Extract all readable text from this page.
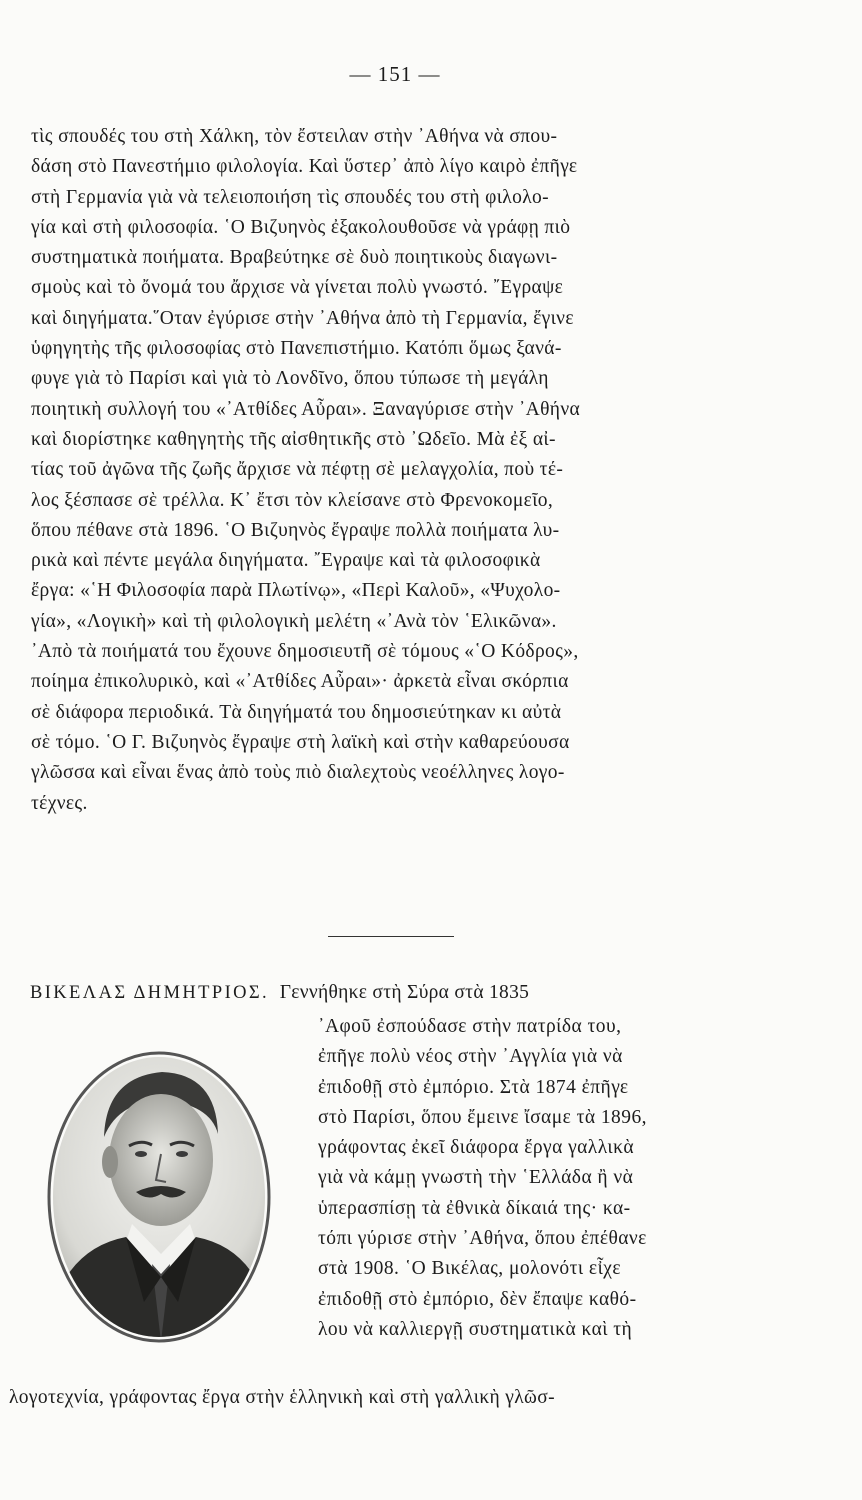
— 151 —
τὶς σπουδές του στὴ Χάλκη, τὸν ἔστειλαν στὴν ᾿Αθήνα νὰ σπου-
δάση στὸ Πανεστήμιο φιλολογία. Καὶ ὕστερ᾿ ἀπὸ λίγο καιρὸ ἐπῆγε
στὴ Γερμανία γιὰ νὰ τελειοποιήση τὶς σπουδές του στὴ φιλολο-
γία καὶ στὴ φιλοσοφία. ῾Ο Βιζυηνὸς ἐξακολουθοῦσε νὰ γράφῃ πιὸ
συστηματικὰ ποιήματα. Βραβεύτηκε σὲ δυὸ ποιητικοὺς διαγωνι-
σμοὺς καὶ τὸ ὄνομά του ἄρχισε νὰ γίνεται πολὺ γνωστό. ῎Εγραψε
καὶ διηγήματα.῞Οταν ἐγύρισε στὴν ᾿Αθήνα ἀπὸ τὴ Γερμανία, ἔγινε
ὑφηγητὴς τῆς φιλοσοφίας στὸ Πανεπιστήμιο. Κατόπι ὅμως ξανά-
φυγε γιὰ τὸ Παρίσι καὶ γιὰ τὸ Λονδῖνο, ὅπου τύπωσε τὴ μεγάλη
ποιητικὴ συλλογή του «᾿Ατθίδες Αὖραι». Ξαναγύρισε στὴν ᾿Αθήνα
καὶ διορίστηκε καθηγητὴς τῆς αἰσθητικῆς στὸ ᾿Ωδεῖο. Μὰ ἐξ αἰ-
τίας τοῦ ἀγῶνα τῆς ζωῆς ἄρχισε νὰ πέφτῃ σὲ μελαγχολία, ποὺ τέ-
λος ξέσπασε σὲ τρέλλα. Κ᾿ ἔτσι τὸν κλείσανε στὸ Φρενοκομεῖο,
ὅπου πέθανε στὰ 1896. ῾Ο Βιζυηνὸς ἔγραψε πολλὰ ποιήματα λυ-
ρικὰ καὶ πέντε μεγάλα διηγήματα. ῎Εγραψε καὶ τὰ φιλοσοφικὰ
ἔργα: «῾Η Φιλοσοφία παρὰ Πλωτίνῳ», «Περὶ Καλοῦ», «Ψυχολο-
γία», «Λογικὴ» καὶ τὴ φιλολογικὴ μελέτη «᾿Ανὰ τὸν ῾Ελικῶνα».
᾿Απὸ τὰ ποιήματά του ἔχουνε δημοσιευτῆ σὲ τόμους «῾Ο Κόδρος»,
ποίημα ἐπικολυρικὸ, καὶ «᾿Ατθίδες Αὖραι»· ἀρκετὰ εἶναι σκόρπια
σὲ διάφορα περιοδικά. Τὰ διηγήματά του δημοσιεύτηκαν κι αὐτὰ
σὲ τόμο. ῾Ο Γ. Βιζυηνὸς ἔγραψε στὴ λαϊκὴ καὶ στὴν καθαρεύουσα
γλῶσσα καὶ εἶναι ἕνας ἀπὸ τοὺς πιὸ διαλεχτοὺς νεοέλληνες λογο-
τέχνες.
ΒΙΚΕΛΑΣ ΔΗΜΗΤΡΙΟΣ. Γεννήθηκε στὴ Σύρα στὰ 1835
᾿Αφοῦ ἐσπούδασε στὴν πατρίδα του,
ἐπῆγε πολὺ νέος στὴν ᾿Αγγλία γιὰ νὰ
ἐπιδοθῇ στὸ ἐμπόριο. Στὰ 1874 ἐπῆγε
στὸ Παρίσι, ὅπου ἔμεινε ἴσαμε τὰ 1896,
γράφοντας ἐκεῖ διάφορα ἔργα γαλλικὰ
γιὰ νὰ κάμῃ γνωστὴ τὴν ῾Ελλάδα ἢ νὰ
ὑπερασπίσῃ τὰ ἐθνικὰ δίκαιά της· κα-
τόπι γύρισε στὴν ᾿Αθήνα, ὅπου ἐπέθανε
στὰ 1908. ῾Ο Βικέλας, μολονότι εἶχε
ἐπιδοθῇ στὸ ἐμπόριο, δὲν ἔπαψε καθό-
λου νὰ καλλιεργῇ συστηματικὰ καὶ τὴ
λογοτεχνία, γράφοντας ἔργα στὴν ἑλληνικὴ καὶ στὴ γαλλικὴ γλῶσ-
